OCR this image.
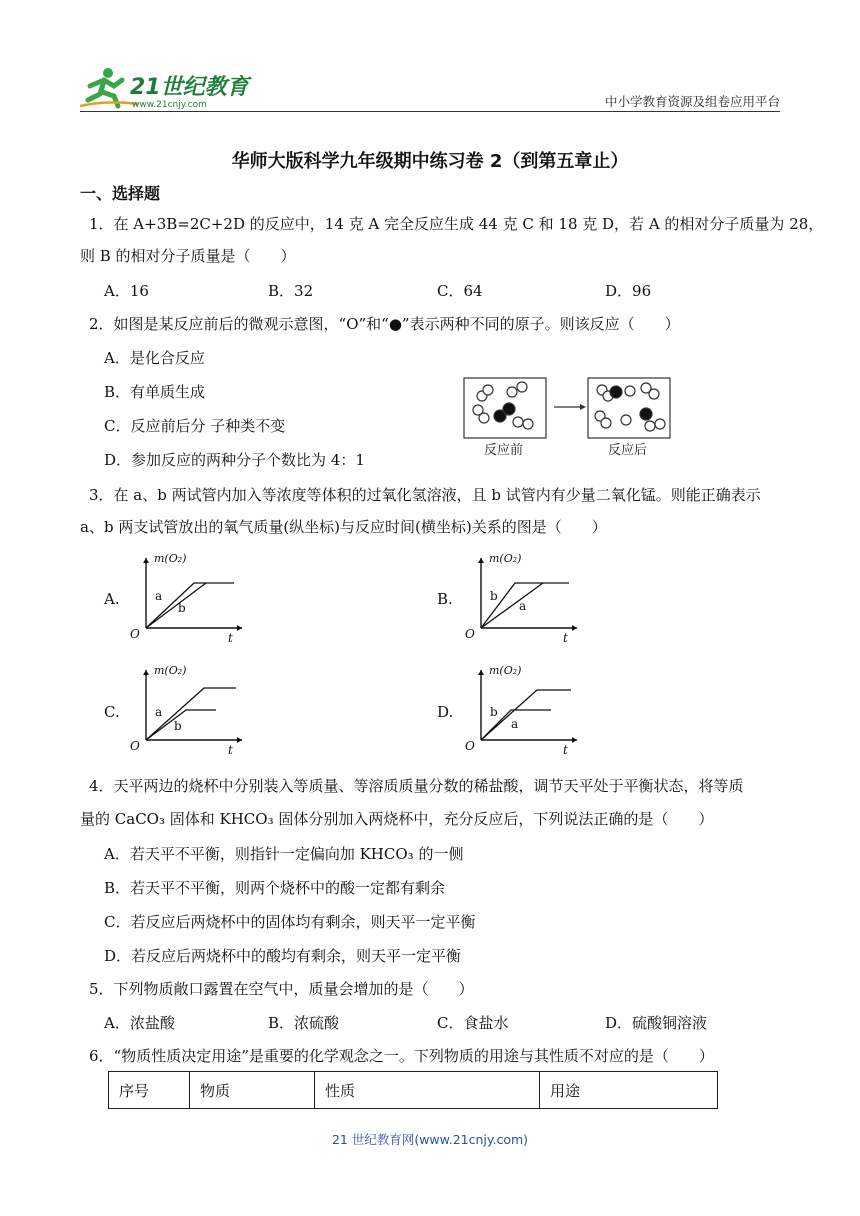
21世纪教育
www.21cnjy.com	中小学教育资源及组卷应用平台
华师大版科学九年级期中练习卷 2（到第五章止）
一、选择题
1．在 A+3B=2C+2D 的反应中，14 克 A 完全反应生成 44 克 C 和 18 克 D，若 A 的相对分子质量为 28，
则 B 的相对分子质量是（　　）
A．16	B．32	C．64	D．96
2．如图是某反应前后的微观示意图，“O”和“●”表示两种不同的原子。则该反应（　　）
A．是化合反应
B．有单质生成
C．反应前后分 子种类不变
D．参加反应的两种分子个数比为 4：1
反应前	反应后
3．在 a、b 两试管内加入等浓度等体积的过氧化氢溶液，且 b 试管内有少量二氧化锰。则能正确表示
a、b 两支试管放出的氧气质量(纵坐标)与反应时间(横坐标)关系的图是（　　）
A.	B.
C.	D.
m(O₂)
t
O
a
b
m(O₂)
t
O
a
b
m(O₂)
t
O
a
b
m(O₂)
t
O
a
b
4．天平两边的烧杯中分别装入等质量、等溶质质量分数的稀盐酸，调节天平处于平衡状态，将等质
量的 CaCO₃ 固体和 KHCO₃ 固体分别加入两烧杯中，充分反应后，下列说法正确的是（　　）
A．若天平不平衡，则指针一定偏向加 KHCO₃ 的一侧
B．若天平不平衡，则两个烧杯中的酸一定都有剩余
C．若反应后两烧杯中的固体均有剩余，则天平一定平衡
D．若反应后两烧杯中的酸均有剩余，则天平一定平衡
5．下列物质敞口露置在空气中，质量会增加的是（　　）
A．浓盐酸	B．浓硫酸	C．食盐水	D．硫酸铜溶液
6．“物质性质决定用途”是重要的化学观念之一。下列物质的用途与其性质不对应的是（　　）
序号	物质	性质	用途
21 世纪教育网(www.21cnjy.com)
